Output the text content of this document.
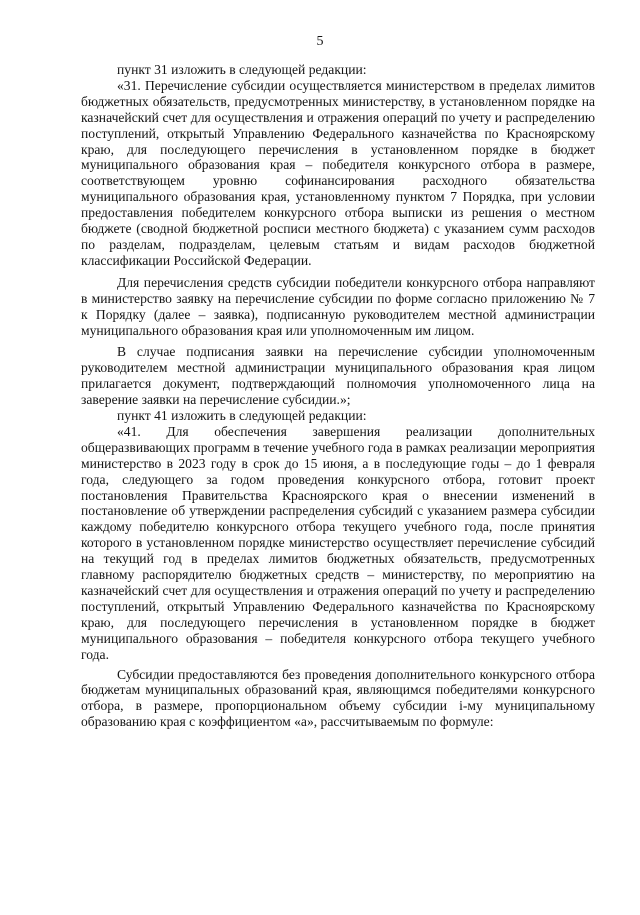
5

пункт 31 изложить в следующей редакции:

«31. Перечисление субсидии осуществляется министерством в пределах лимитов бюджетных обязательств, предусмотренных министерству, в установленном порядке на казначейский счет для осуществления и отражения операций по учету и распределению поступлений, открытый Управлению Федерального казначейства по Красноярскому краю, для последующего перечисления в установленном порядке в бюджет муниципального образования края – победителя конкурсного отбора в размере, соответствующем уровню софинансирования расходного обязательства муниципального образования края, установленному пунктом 7 Порядка, при условии предоставления победителем конкурсного отбора выписки из решения о местном бюджете (сводной бюджетной росписи местного бюджета) с указанием сумм расходов по разделам, подразделам, целевым статьям и видам расходов бюджетной классификации Российской Федерации.

Для перечисления средств субсидии победители конкурсного отбора направляют в министерство заявку на перечисление субсидии по форме согласно приложению № 7 к Порядку (далее – заявка), подписанную руководителем местной администрации муниципального образования края или уполномоченным им лицом.

В случае подписания заявки на перечисление субсидии уполномоченным руководителем местной администрации муниципального образования края лицом прилагается документ, подтверждающий полномочия уполномоченного лица на заверение заявки на перечисление субсидии.»;

пункт 41 изложить в следующей редакции:

«41. Для обеспечения завершения реализации дополнительных общеразвивающих программ в течение учебного года в рамках реализации мероприятия министерство в 2023 году в срок до 15 июня, а в последующие годы – до 1 февраля года, следующего за годом проведения конкурсного отбора, готовит проект постановления Правительства Красноярского края о внесении изменений в постановление об утверждении распределения субсидий с указанием размера субсидии каждому победителю конкурсного отбора текущего учебного года, после принятия которого в установленном порядке министерство осуществляет перечисление субсидий на текущий год в пределах лимитов бюджетных обязательств, предусмотренных главному распорядителю бюджетных средств – министерству, по мероприятию на казначейский счет для осуществления и отражения операций по учету и распределению поступлений, открытый Управлению Федерального казначейства по Красноярскому краю, для последующего перечисления в установленном порядке в бюджет муниципального образования – победителя конкурсного отбора текущего учебного года.

Субсидии предоставляются без проведения дополнительного конкурсного отбора бюджетам муниципальных образований края, являющимся победителями конкурсного отбора, в размере, пропорциональном объему субсидии i-му муниципальному образованию края с коэффициентом «а», рассчитываемым по формуле:
